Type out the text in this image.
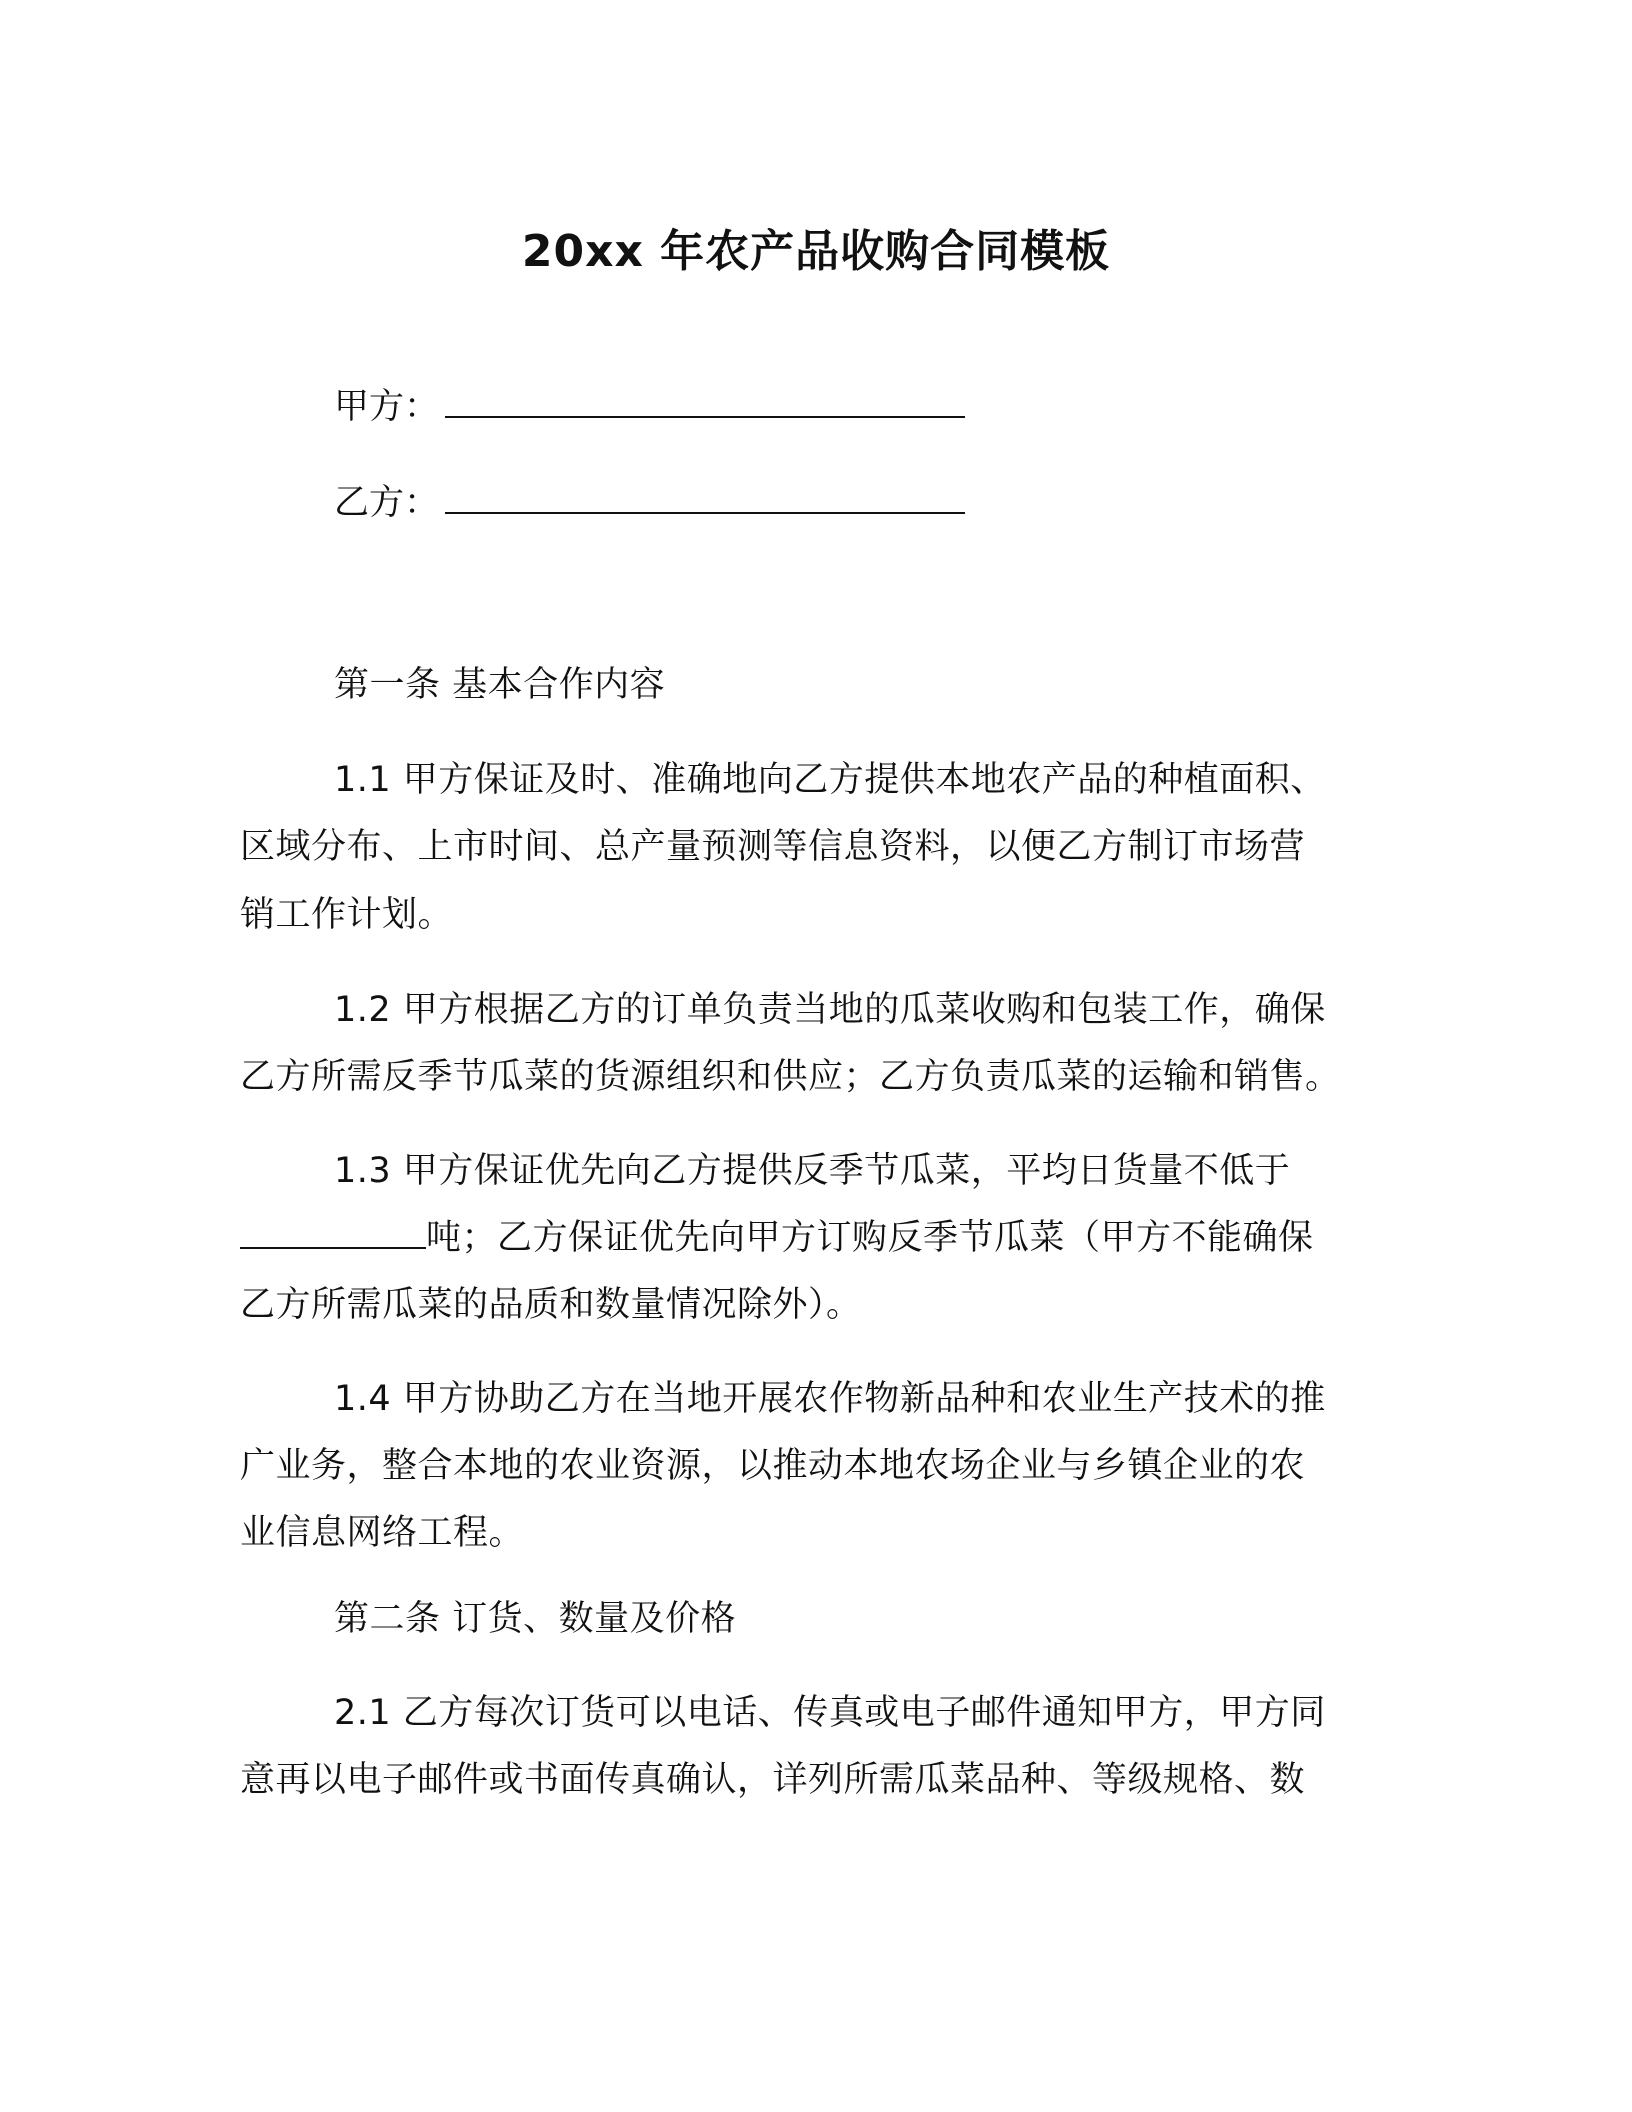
20xx 年农产品收购合同模板
甲方：
乙方：
第一条 基本合作内容
1.1 甲方保证及时、准确地向乙方提供本地农产品的种植面积、
区域分布、上市时间、总产量预测等信息资料，以便乙方制订市场营
销工作计划。
1.2 甲方根据乙方的订单负责当地的瓜菜收购和包装工作，确保
乙方所需反季节瓜菜的货源组织和供应；乙方负责瓜菜的运输和销售。
1.3 甲方保证优先向乙方提供反季节瓜菜，平均日货量不低于
吨；乙方保证优先向甲方订购反季节瓜菜（甲方不能确保
乙方所需瓜菜的品质和数量情况除外）。
1.4 甲方协助乙方在当地开展农作物新品种和农业生产技术的推
广业务，整合本地的农业资源，以推动本地农场企业与乡镇企业的农
业信息网络工程。
第二条 订货、数量及价格
2.1 乙方每次订货可以电话、传真或电子邮件通知甲方，甲方同
意再以电子邮件或书面传真确认，详列所需瓜菜品种、等级规格、数
